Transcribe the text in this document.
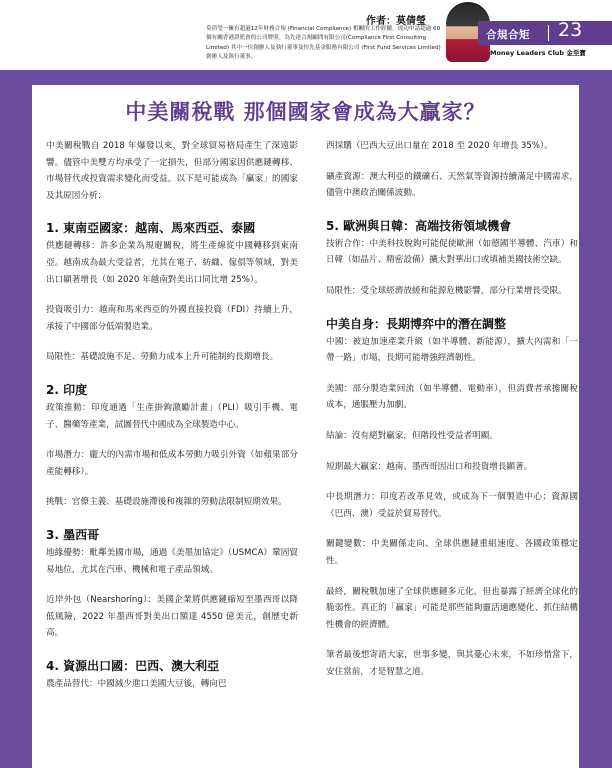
作者：莫倩瑩
莫倩瑩一擁有超過12年財務合規 (Financial Compliance) 相關的工作經驗，成功申請超過 60 個有關香港證監會的公司牌照。為先達合規顧問有限公司(Compliance First Consulting Limited) 其中一位創辦人及執行董事及恒先基金服務有限公司 (First Fund Services Limited) 創辦人及執行董事。
合規合矩 23
Money Leaders Club 金至寶
中美關稅戰 那個國家會成為大贏家？

中美關稅戰自 2018 年爆發以來，對全球貿易格局產生了深遠影響。儘管中美雙方均承受了一定損失，但部分國家因供應鏈轉移、市場替代或投資需求變化而受益。以下是可能成為「贏家」的國家及其原因分析：

1. 東南亞國家：越南、馬來西亞、泰國

供應鏈轉移：許多企業為規避關稅，將生產線從中國轉移到東南亞。越南成為最大受益者，尤其在電子、紡織、傢俱等領域，對美出口顯著增長（如 2020 年越南對美出口同比增 25%）。

投資吸引力：越南和馬來西亞的外國直接投資（FDI）持續上升，承接了中國部分低端製造業。

局限性：基礎設施不足、勞動力成本上升可能制約長期增長。

2. 印度

政策推動：印度通過「生產掛鉤激勵計畫」（PLI）吸引手機、電子、醫藥等產業，試圖替代中國成為全球製造中心。

市場潛力：龐大的內需市場和低成本勞動力吸引外資（如蘋果部分產能轉移）。

挑戰：官僚主義、基礎設施滯後和複雜的勞動法限制短期效果。

3. 墨西哥

地緣優勢：毗鄰美國市場，通過《美墨加協定》（USMCA）鞏固貿易地位，尤其在汽車、機械和電子產品領域。

近岸外包（Nearshoring）：美國企業將供應鏈縮短至墨西哥以降低風險，2022 年墨西哥對美出口額達 4550 億美元，創歷史新高。

4. 資源出口國：巴西、澳大利亞

農產品替代：中國減少進口美國大豆後，轉向巴

西採購（巴西大豆出口量在 2018 至 2020 年增長 35%）。

礦產資源：澳大利亞的鐵礦石、天然氣等資源持續滿足中國需求，儘管中澳政治關係波動。

5. 歐洲與日韓：高端技術領域機會

技術合作：中美科技脫鉤可能促使歐洲（如德國半導體、汽車）和日韓（如晶片、精密設備）擴大對華出口或填補美國技術空缺。

局限性：受全球經濟放緩和能源危機影響，部分行業增長受限。

中美自身：長期博弈中的潛在調整

中國：被迫加速產業升級（如半導體、新能源），擴大內需和「一帶一路」市場，長期可能增強經濟韌性。

美國：部分製造業回流（如半導體、電動車），但消費者承擔關稅成本，通脹壓力加劇。

結論：沒有絕對贏家，但階段性受益者明顯。

短期最大贏家：越南、墨西哥因出口和投資增長顯著。

中長期潛力：印度若改革見效，或成為下一個製造中心；資源國（巴西、澳）受益於貿易替代。

關鍵變數：中美關係走向、全球供應鏈重組速度、各國政策穩定性。

最終，關稅戰加速了全球供應鏈多元化，但也暴露了經濟全球化的脆弱性。真正的「贏家」可能是那些能夠靈活適應變化、抓住結構性機會的經濟體。

筆者最後想寄語大家，世事多變，與其憂心未來，不如珍惜當下，安住當前，才是智慧之道。
